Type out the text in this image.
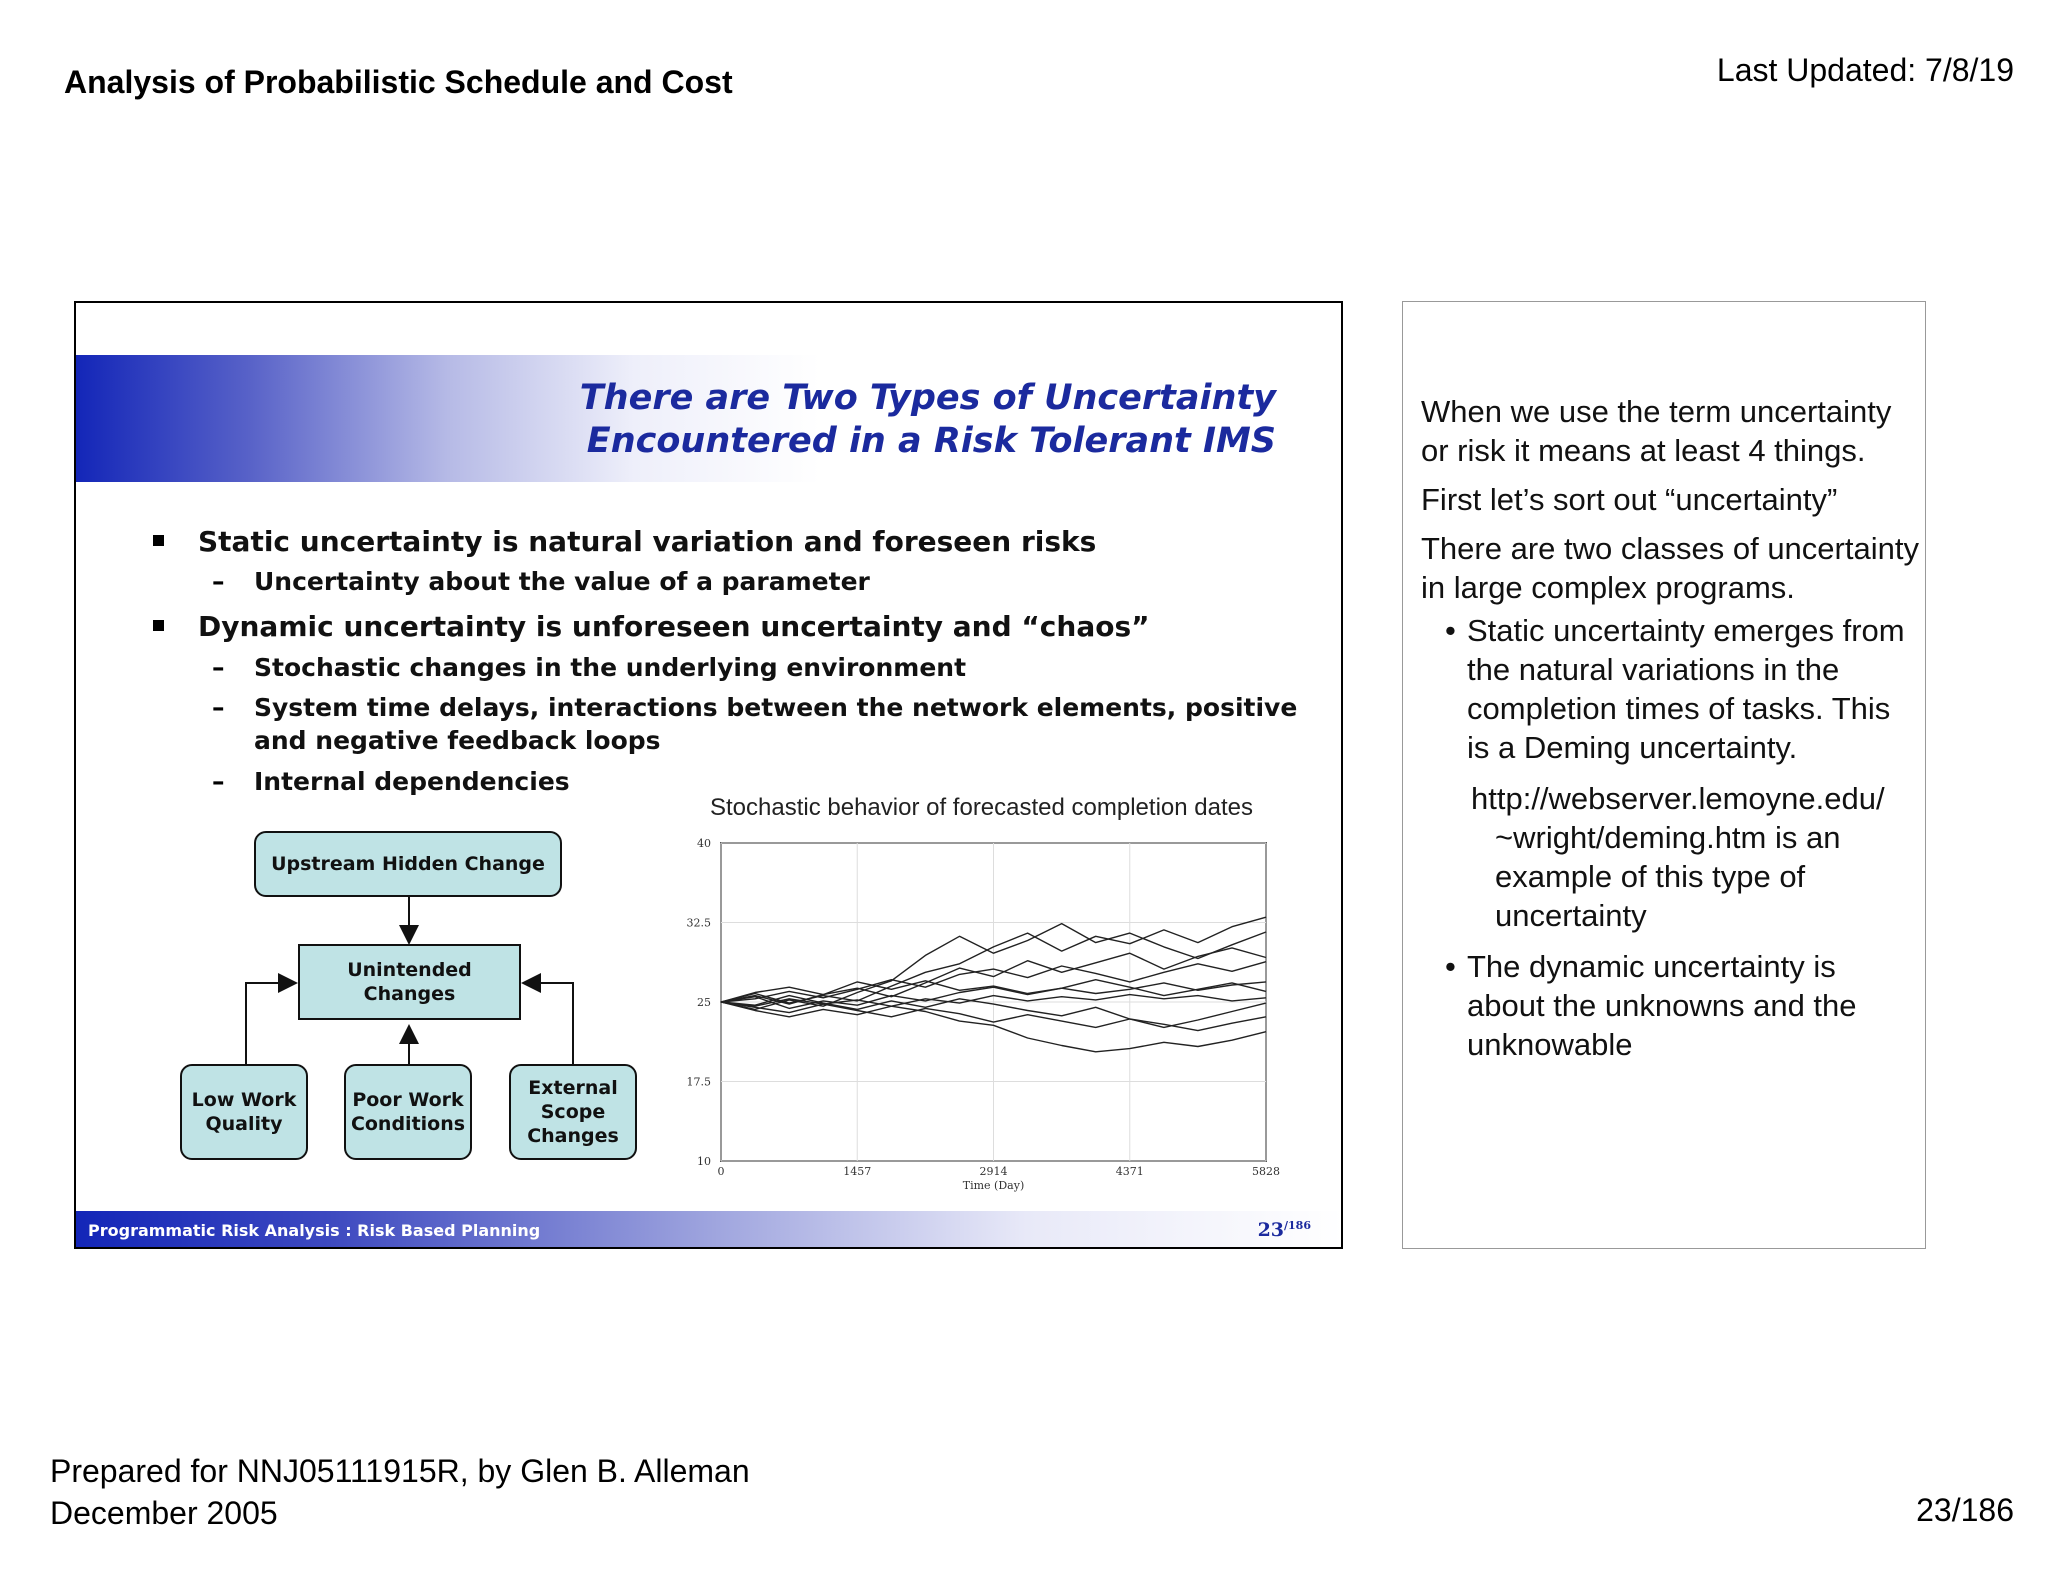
Analysis of Probabilistic Schedule and Cost	Last Updated: 7/8/19
There are Two Types of Uncertainty
Encountered in a Risk Tolerant IMS
Static uncertainty is natural variation and foreseen risks
– Uncertainty about the value of a parameter
Dynamic uncertainty is unforeseen uncertainty and “chaos”
– Stochastic changes in the underlying environment
– System time delays, interactions between the network elements, positive
and negative feedback loops
– Internal dependencies
Upstream Hidden Change
Unintended
Changes
Low Work
Quality
Poor Work
Conditions
External
Scope
Changes
Stochastic behavior of forecasted completion dates
0	1457	2914	4371	5828
40
32.5
25
17.5
10
Time (Day)
Programmatic Risk Analysis : Risk Based Planning	$23^{/186}$

When we use the term uncertainty or risk it means at least 4 things.

First let’s sort out “uncertainty”

There are two classes of uncertainty in large complex programs.

• Static uncertainty emerges from the natural variations in the completion times of tasks. This is a Deming uncertainty.
http://webserver.lemoyne.edu/
~wright/deming.htm is an example of this type of uncertainty
• The dynamic uncertainty is about the unknowns and the unknowable
Prepared for NNJ05111915R, by Glen B. Alleman
December 2005	23/186
